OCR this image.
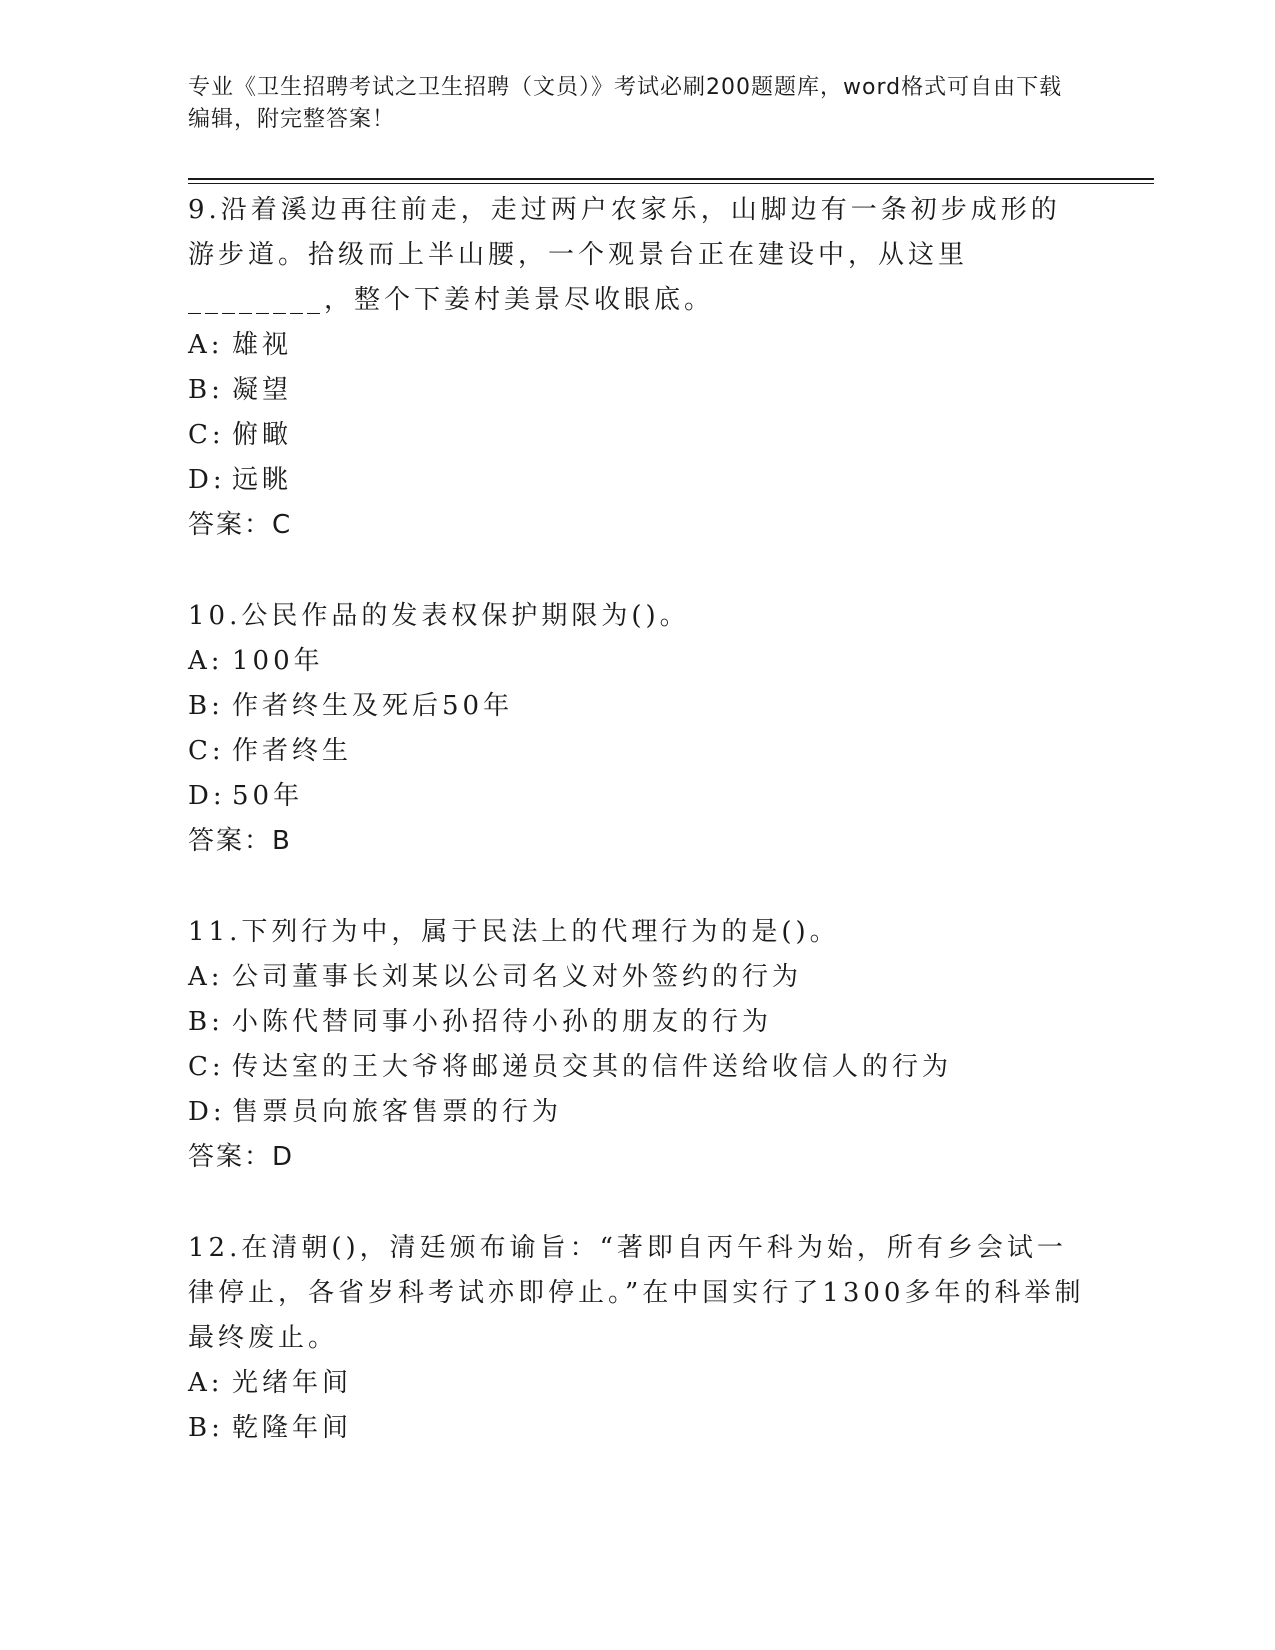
专业《卫生招聘考试之卫生招聘（文员）》考试必刷200题题库，word格式可自由下载编辑，附完整答案！

9.沿着溪边再往前走，走过两户农家乐，山脚边有一条初步成形的游步道。拾级而上半山腰，一个观景台正在建设中，从这里________，整个下姜村美景尽收眼底。

A: 雄视

B: 凝望

C: 俯瞰

D: 远眺

答案：C

10.公民作品的发表权保护期限为()。

A: 100年

B: 作者终生及死后50年

C: 作者终生

D: 50年

答案：B

11.下列行为中，属于民法上的代理行为的是()。

A: 公司董事长刘某以公司名义对外签约的行为

B: 小陈代替同事小孙招待小孙的朋友的行为

C: 传达室的王大爷将邮递员交其的信件送给收信人的行为

D: 售票员向旅客售票的行为

答案：D

12.在清朝()，清廷颁布谕旨：“著即自丙午科为始，所有乡会试一律停止，各省岁科考试亦即停止。”在中国实行了1300多年的科举制最终废止。

A: 光绪年间

B: 乾隆年间
